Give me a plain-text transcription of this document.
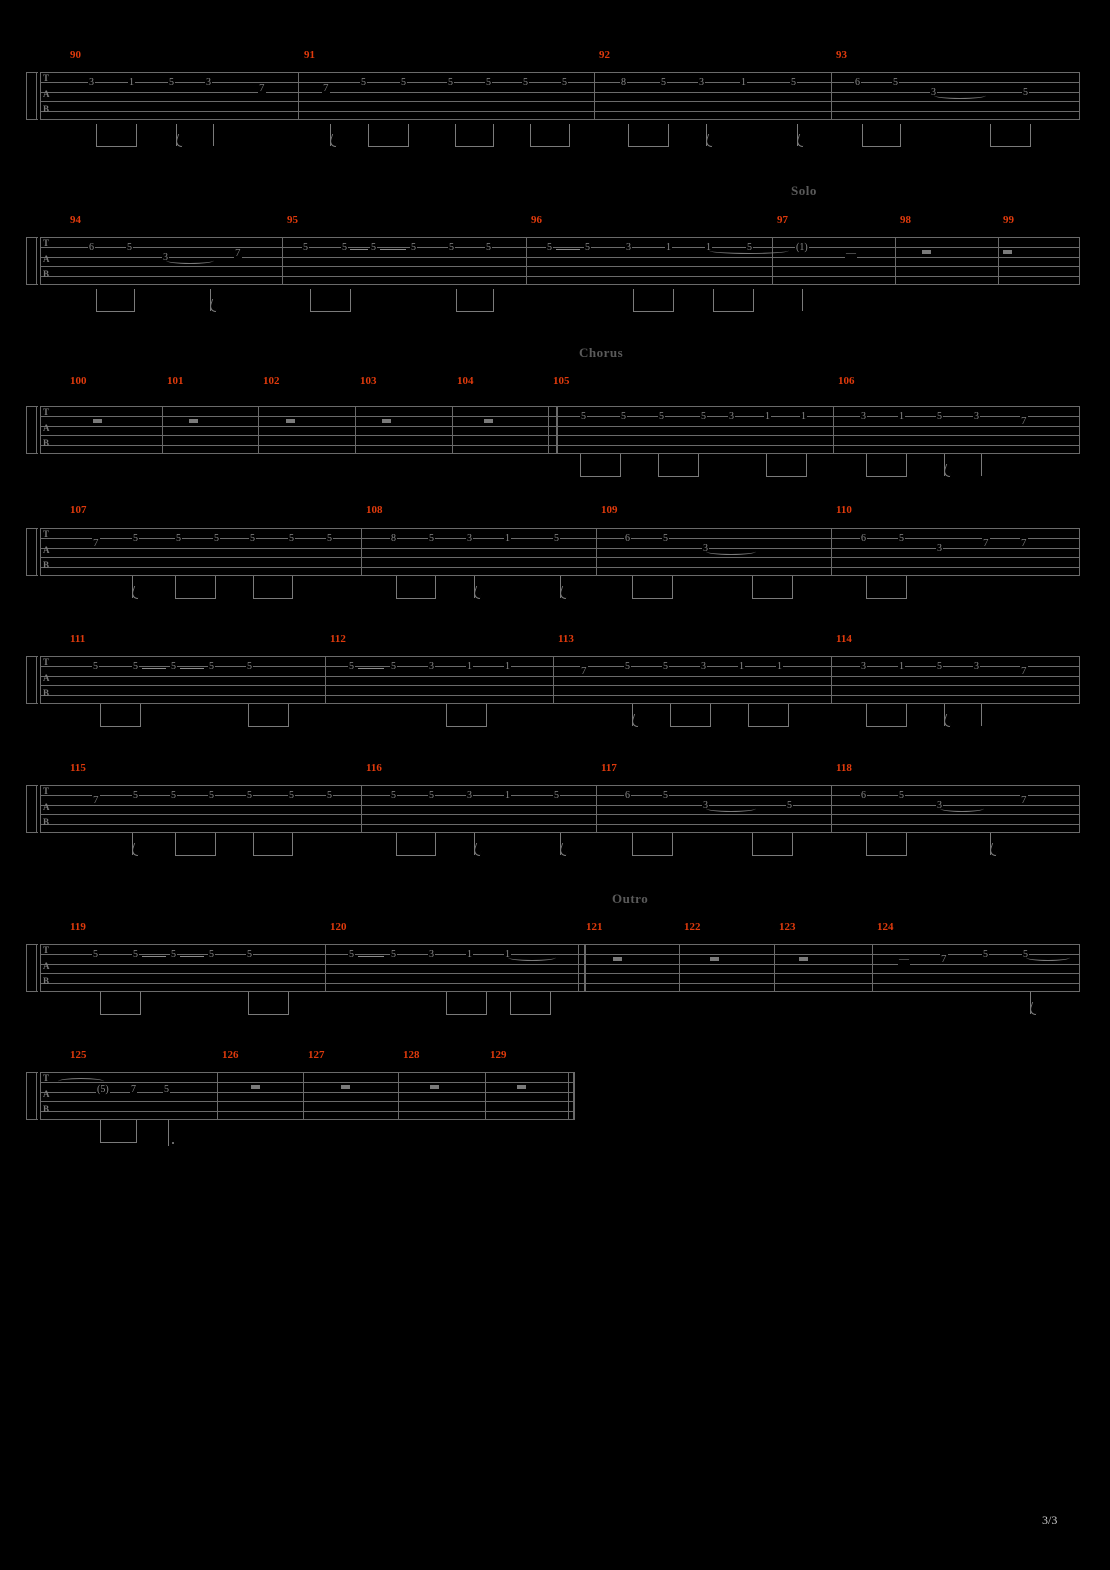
Solo
Chorus
Outro
90	91	92	93
T
A
B
3	1	5	3	7	7	5	5	5	5	5	5	8	5	3	1	5	6	5
3	5
94	95	96	97	98	99
T
A
B
6	5
3	7	5	5 5	5	5	5	5	5	3	1	1	5	(1)
—
100	101	102	103	104	105	106
T
A
B
5	5	5	5 3	1	1	3	1	5	3	7
107	108	109	110
T
A
B
7	5	5	5	5	5	5	8	5	3	1	5	6	5
3
6	5
3	7	7
111	112	113	114
T
A
B
5	5	5	5	5	5	5	3	1	1	7	5	5	3	1	1	3	1	5	3	7
115	116	117	118
T
A
B
7	5	5	5	5	5	5	5	5	3	1	5	6	5
3	5
6	5
3	7
119	120	121	122	123	124
T
A
B
5	5	5	5	5	5	5	3	1	1	—	7	5	5
125	126	127	128	129
T
A
B
(5) 7	5
3/3
